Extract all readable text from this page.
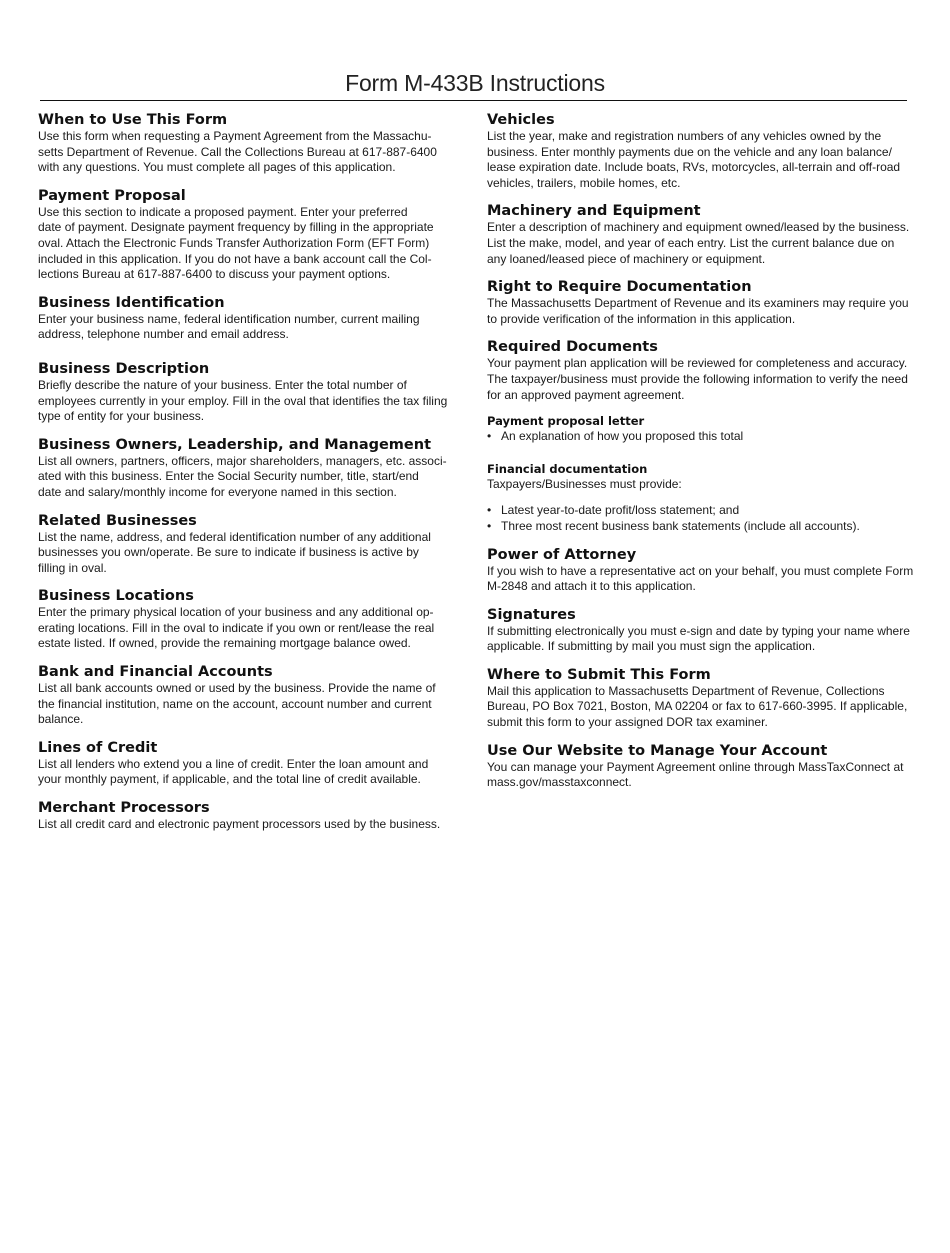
Form M-433B Instructions
When to Use This Form

Use this form when requesting a Payment Agreement from the Massachu-
setts Department of Revenue. Call the Collections Bureau at 617-887-6400
with any questions. You must complete all pages of this application.

Payment Proposal

Use this section to indicate a proposed payment. Enter your preferred
date of payment. Designate payment frequency by filling in the appropriate
oval. Attach the Electronic Funds Transfer Authorization Form (EFT Form)
included in this application. If you do not have a bank account call the Col-
lections Bureau at 617-887-6400 to discuss your payment options.

Business Identification

Enter your business name, federal identification number, current mailing
address, telephone number and email address.

Business Description

Briefly describe the nature of your business. Enter the total number of
employees currently in your employ. Fill in the oval that identifies the tax filing
type of entity for your business.

Business Owners, Leadership, and Management

List all owners, partners, officers, major shareholders, managers, etc. associ-
ated with this business. Enter the Social Security number, title, start/end
date and salary/monthly income for everyone named in this section.

Related Businesses

List the name, address, and federal identification number of any additional
businesses you own/operate. Be sure to indicate if business is active by
filling in oval.

Business Locations

Enter the primary physical location of your business and any additional op-
erating locations. Fill in the oval to indicate if you own or rent/lease the real
estate listed. If owned, provide the remaining mortgage balance owed.

Bank and Financial Accounts

List all bank accounts owned or used by the business. Provide the name of
the financial institution, name on the account, account number and current
balance.

Lines of Credit

List all lenders who extend you a line of credit. Enter the loan amount and
your monthly payment, if applicable, and the total line of credit available.

Merchant Processors

List all credit card and electronic payment processors used by the business.

Vehicles

List the year, make and registration numbers of any vehicles owned by the
business. Enter monthly payments due on the vehicle and any loan balance/
lease expiration date. Include boats, RVs, motorcycles, all-terrain and off-road
vehicles, trailers, mobile homes, etc.

Machinery and Equipment

Enter a description of machinery and equipment owned/leased by the business.
List the make, model, and year of each entry. List the current balance due on
any loaned/leased piece of machinery or equipment.

Right to Require Documentation

The Massachusetts Department of Revenue and its examiners may require you
to provide verification of the information in this application.

Required Documents

Your payment plan application will be reviewed for completeness and accuracy.
The taxpayer/business must provide the following information to verify the need
for an approved payment agreement.

Payment proposal letter
• An explanation of how you proposed this total
Financial documentation

Taxpayers/Businesses must provide:

• Latest year-to-date profit/loss statement; and
• Three most recent business bank statements (include all accounts).
Power of Attorney

If you wish to have a representative act on your behalf, you must complete Form
M-2848 and attach it to this application.

Signatures

If submitting electronically you must e-sign and date by typing your name where
applicable. If submitting by mail you must sign the application.

Where to Submit This Form

Mail this application to Massachusetts Department of Revenue, Collections
Bureau, PO Box 7021, Boston, MA 02204 or fax to 617-660-3995. If applicable,
submit this form to your assigned DOR tax examiner.

Use Our Website to Manage Your Account

You can manage your Payment Agreement online through MassTaxConnect at
mass.gov/masstaxconnect.
